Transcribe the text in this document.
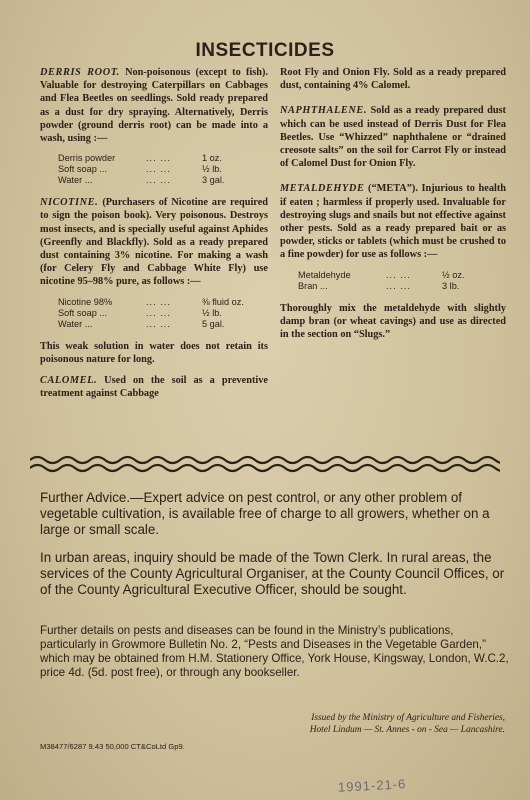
INSECTICIDES

DERRIS ROOT. Non-poisonous (except to fish). Valuable for destroying Caterpillars on Cabbages and Flea Beetles on seedlings. Sold ready prepared as a dust for dry spraying. Alternatively, Derris powder (ground derris root) can be made into a wash, using :—

Derris powder	... ...	1 oz.
Soft soap ...	... ...	½ lb.
Water ...	... ...	3 gal.

NICOTINE. (Purchasers of Nicotine are required to sign the poison book). Very poisonous. Destroys most insects, and is specially useful against Aphides (Greenfly and Blackfly). Sold as a ready prepared dust containing 3% nicotine. For making a wash (for Celery Fly and Cabbage White Fly) use nicotine 95–98% pure, as follows :—

Nicotine 98%	... ...	⅜ fluid oz.
Soft soap ...	... ...	½ lb.
Water ...	... ...	5 gal.

This weak solution in water does not retain its poisonous nature for long.

CALOMEL. Used on the soil as a preventive treatment against Cabbage

Root Fly and Onion Fly. Sold as a ready prepared dust, containing 4% Calomel.

NAPHTHALENE. Sold as a ready prepared dust which can be used instead of Derris Dust for Flea Beetles. Use “Whizzed” naphthalene or “drained creosote salts” on the soil for Carrot Fly or instead of Calomel Dust for Onion Fly.

METALDEHYDE (“META”). Injurious to health if eaten ; harmless if properly used. Invaluable for destroying slugs and snails but not effective against other pests. Sold as a ready prepared bait or as powder, sticks or tablets (which must be crushed to a fine powder) for use as follows :—

Metaldehyde	... ...	½ oz.
Bran ...	... ...	3 lb.

Thoroughly mix the metaldehyde with slightly damp bran (or wheat cavings) and use as directed in the section on “Slugs.”

Further Advice.—Expert advice on pest control, or any other problem of vegetable cultivation, is available free of charge to all growers, whether on a large or small scale.
In urban areas, inquiry should be made of the Town Clerk. In rural areas, the services of the County Agricultural Organiser, at the County Council Offices, or of the County Agricultural Executive Officer, should be sought.
Further details on pests and diseases can be found in the Ministry’s publications, particularly in Growmore Bulletin No. 2, “Pests and Diseases in the Vegetable Garden,” which may be obtained from H.M. Stationery Office, York House, Kingsway, London, W.C.2, price 4d. (5d. post free), or through any bookseller.
Issued by the Ministry of Agriculture and Fisheries,
Hotel Lindum — St. Annes - on - Sea — Lancashire.
M38477/6287 9.43 50,000 CT&CoLtd Gp9.
1991-21-6
